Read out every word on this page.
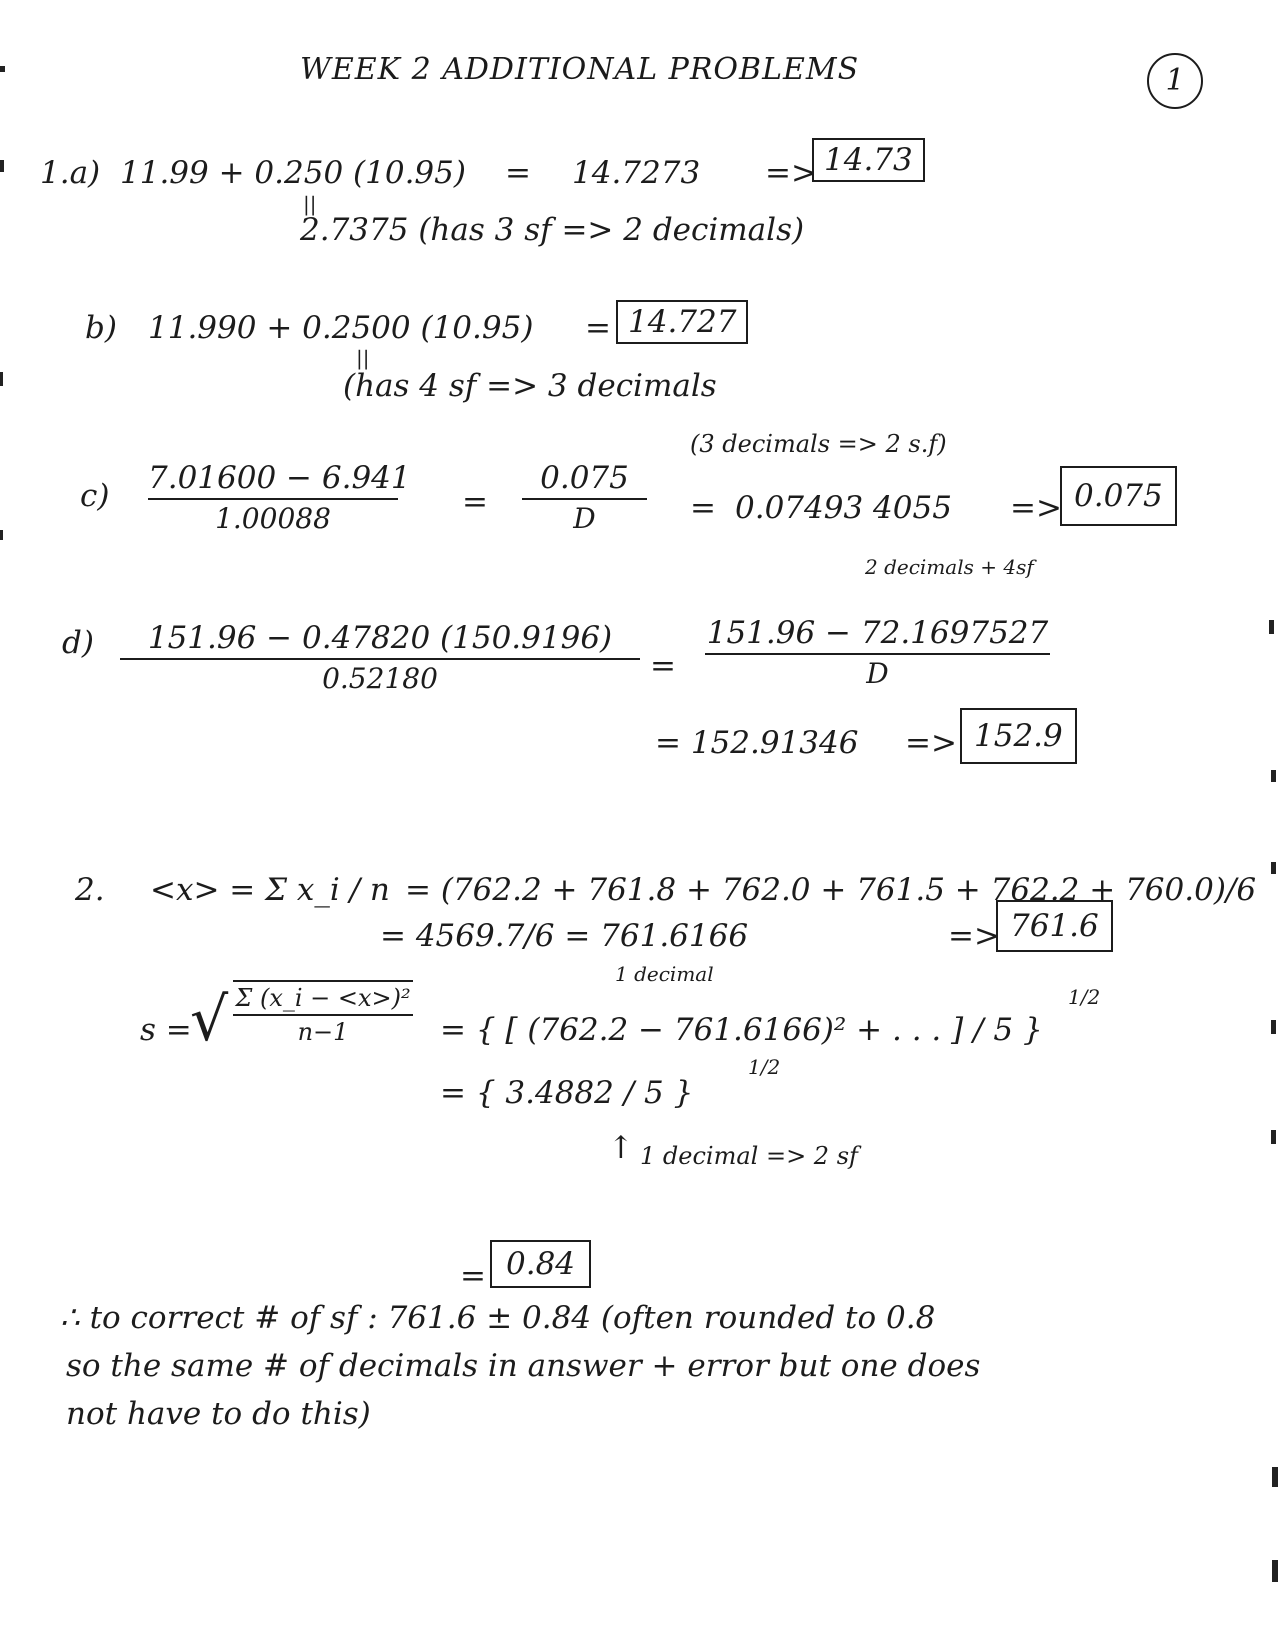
WEEK 2 ADDITIONAL PROBLEMS	1
1.a) 11.99 + 0.250 (10.95) = 14.7273 => 14.73
||
2.7375 (has 3 sf => 2 decimals)
b) 11.990 + 0.2500 (10.95) = 14.727
||
(has 4 sf => 3 decimals
(3 decimals => 2 s.f)
c) 7.01600 − 6.941
1.00088	=
0.075
D	= 0.07493 4055 => 0.075
2 decimals + 4sf
d)	151.96 − 0.47820 (150.9196)
0.52180	=
151.96 − 72.1697527
D
= 152.91346 => 152.9
2. <x> = Σ x_i / n = (762.2 + 761.8 + 762.0 + 761.5 + 762.2 + 760.0)/6
= 4569.7/6 = 761.6166	=> 761.6
1 decimal
s =
√ Σ (x_i − <x>)²
n−1	= { [ (762.2 − 761.6166)² + . . . ] / 5 }
1/2
= { 3.4882 / 5 }
1/2
↑ 1 decimal => 2 sf
= 0.84
∴ to correct # of sf : 761.6 ± 0.84 (often rounded to 0.8
so the same # of decimals in answer + error but one does
not have to do this)
